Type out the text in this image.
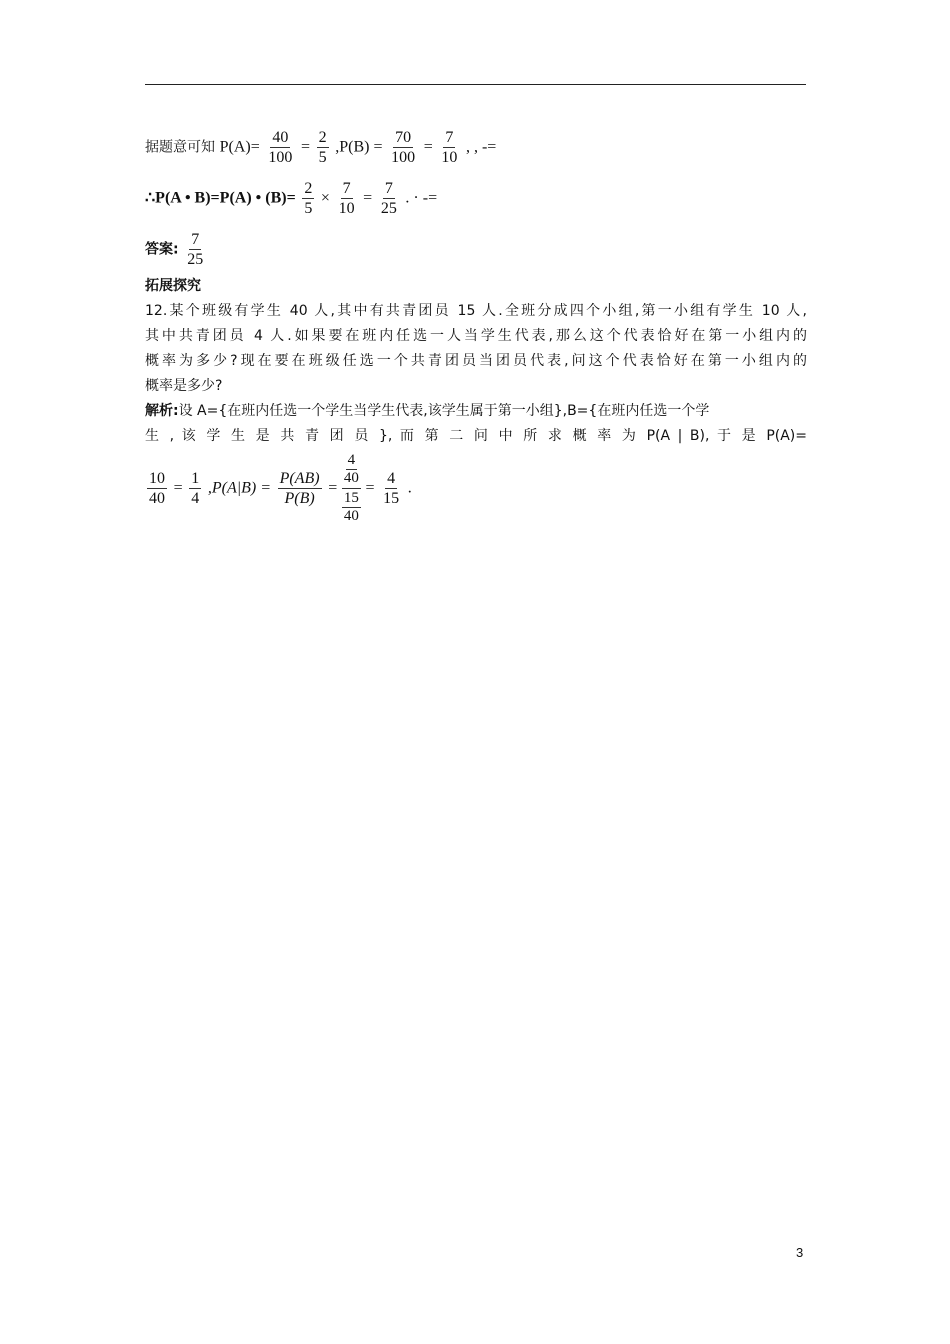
据题意可知 $P(A)= \frac{40}{100} = \frac{2}{5} ,P(B) = \frac{70}{100} = \frac{7}{10}$ , , -=
∴P(A • B)=P(A) • $(B)= \frac{2}{5} \times \frac{7}{10} = \frac{7}{25}$ . · -=
答案: $\frac{7}{25}$
拓展探究
12.某个班级有学生 40 人,其中有共青团员 15 人.全班分成四个小组,第一小组有学生 10 人,
其中共青团员 4 人.如果要在班内任选一人当学生代表,那么这个代表恰好在第一小组内的
概率为多少?现在要在班级任选一个共青团员当团员代表,问这个代表恰好在第一小组内的
概率是多少?
解析:设 A={在班内任选一个学生当学生代表,该学生属于第一小组},B={在班内任选一个学
生 , 该 学 生 是 共 青 团 员 }, 而 第 二 问 中 所 求 概 率 为 P(A | B), 于 是 P(A)=
$\frac{10}{40} = \frac{1}{4} ,P(A|B) = \frac{P(AB)}{P(B)} = \frac{\frac{4}{40}}{\frac{15}{40}} = \frac{4}{15}$ .
3
